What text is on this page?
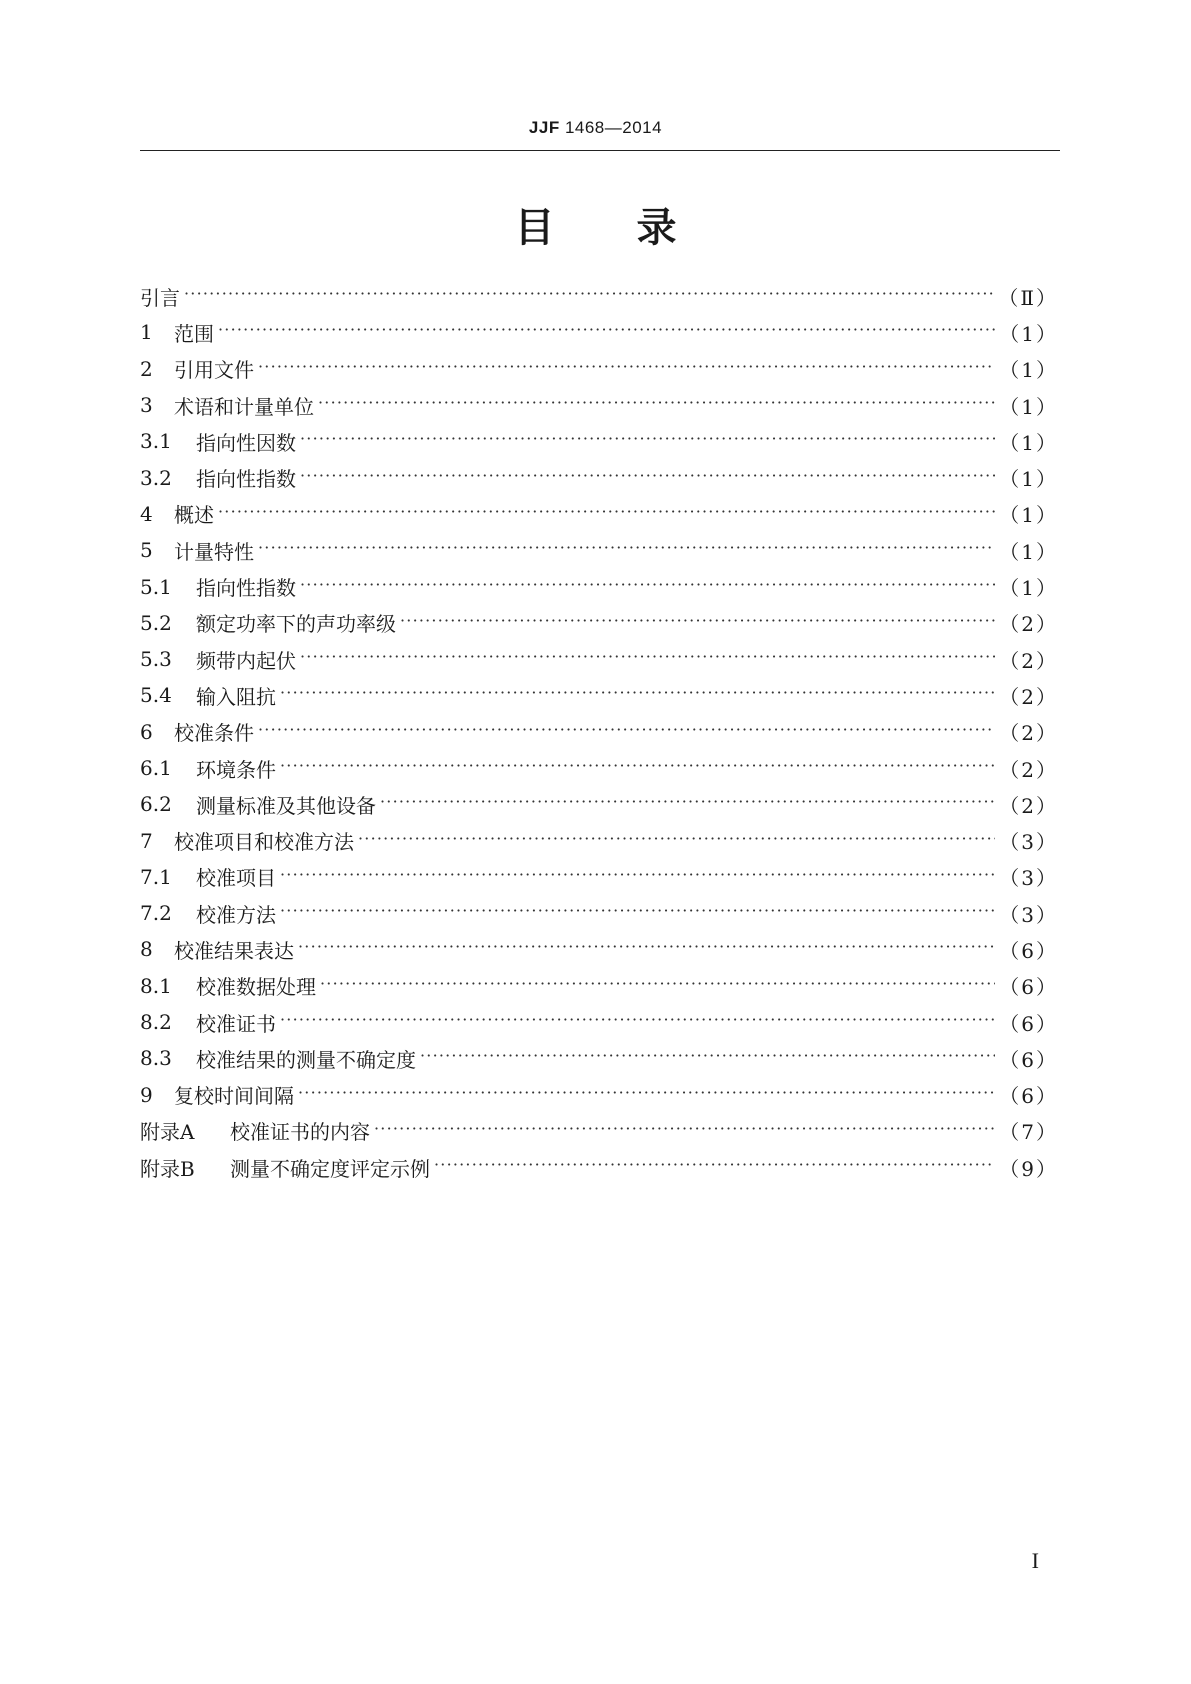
JJF 1468—2014
目 录
引言 ·····	（Ⅱ）
1	范围 ·····	（1）
2	引用文件 ·····	（1）
3	术语和计量单位 ·····	（1）
3.1	指向性因数 ·····	（1）
3.2	指向性指数 ·····	（1）
4	概述 ·····	（1）
5	计量特性 ·····	（1）
5.1	指向性指数 ·····	（1）
5.2	额定功率下的声功率级 ·····	（2）
5.3	频带内起伏 ·····	（2）
5.4	输入阻抗 ·····	（2）
6	校准条件 ·····	（2）
6.1	环境条件 ·····	（2）
6.2	测量标准及其他设备 ·····	（2）
7	校准项目和校准方法 ·····	（3）
7.1	校准项目 ·····	（3）
7.2	校准方法 ·····	（3）
8	校准结果表达 ·····	（6）
8.1	校准数据处理 ·····	（6）
8.2	校准证书 ·····	（6）
8.3	校准结果的测量不确定度 ·····	（6）
9	复校时间间隔 ·····	（6）
附录A	校准证书的内容 ·····	（7）
附录B	测量不确定度评定示例 ·····	（9）
I
